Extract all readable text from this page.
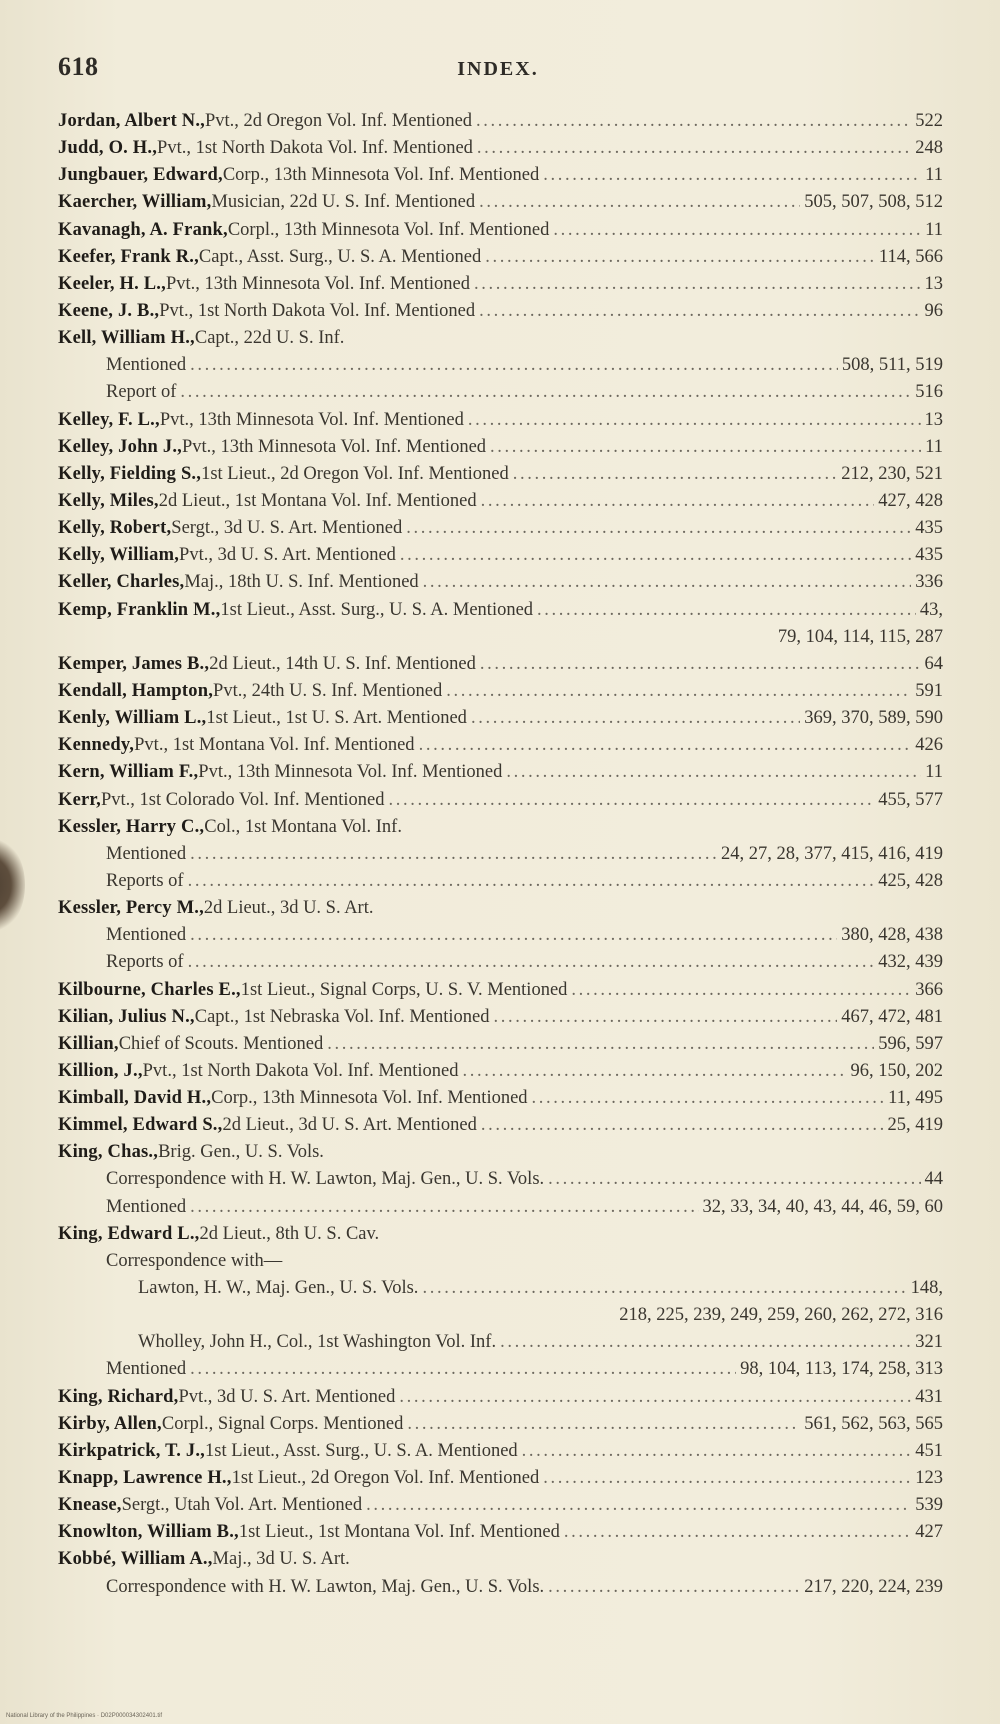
618	INDEX.
Jordan, Albert N., Pvt., 2d Oregon Vol. Inf. Mentioned . . .	522
Judd, O. H., Pvt., 1st North Dakota Vol. Inf. Mentioned . . .	248
Jungbauer, Edward, Corp., 13th Minnesota Vol. Inf. Mentioned . . .	11
Kaercher, William, Musician, 22d U. S. Inf. Mentioned . . .	505, 507, 508, 512
Kavanagh, A. Frank, Corpl., 13th Minnesota Vol. Inf. Mentioned . . .	11
Keefer, Frank R., Capt., Asst. Surg., U. S. A. Mentioned . . .	114, 566
Keeler, H. L., Pvt., 13th Minnesota Vol. Inf. Mentioned . . .	13
Keene, J. B., Pvt., 1st North Dakota Vol. Inf. Mentioned . . .	96
Kell, William H., Capt., 22d U. S. Inf.
Mentioned . . .	508, 511, 519
Report of . . .	516
Kelley, F. L., Pvt., 13th Minnesota Vol. Inf. Mentioned . . .	13
Kelley, John J., Pvt., 13th Minnesota Vol. Inf. Mentioned . . .	11
Kelly, Fielding S., 1st Lieut., 2d Oregon Vol. Inf. Mentioned . . .	212, 230, 521
Kelly, Miles, 2d Lieut., 1st Montana Vol. Inf. Mentioned . . .	427, 428
Kelly, Robert, Sergt., 3d U. S. Art. Mentioned . . .	435
Kelly, William, Pvt., 3d U. S. Art. Mentioned . . .	435
Keller, Charles, Maj., 18th U. S. Inf. Mentioned . . .	336
Kemp, Franklin M., 1st Lieut., Asst. Surg., U. S. A. Mentioned . . .	43,
79, 104, 114, 115, 287
Kemper, James B., 2d Lieut., 14th U. S. Inf. Mentioned . . .	64
Kendall, Hampton, Pvt., 24th U. S. Inf. Mentioned . . .	591
Kenly, William L., 1st Lieut., 1st U. S. Art. Mentioned . . .	369, 370, 589, 590
Kennedy, Pvt., 1st Montana Vol. Inf. Mentioned . . .	426
Kern, William F., Pvt., 13th Minnesota Vol. Inf. Mentioned . . .	11
Kerr, Pvt., 1st Colorado Vol. Inf. Mentioned . . .	455, 577
Kessler, Harry C., Col., 1st Montana Vol. Inf.
Mentioned . . .	24, 27, 28, 377, 415, 416, 419
Reports of . . .	425, 428
Kessler, Percy M., 2d Lieut., 3d U. S. Art.
Mentioned . . .	380, 428, 438
Reports of . . .	432, 439
Kilbourne, Charles E., 1st Lieut., Signal Corps, U. S. V. Mentioned . . .	366
Kilian, Julius N., Capt., 1st Nebraska Vol. Inf. Mentioned . . .	467, 472, 481
Killian, Chief of Scouts. Mentioned . . .	596, 597
Killion, J., Pvt., 1st North Dakota Vol. Inf. Mentioned . . .	96, 150, 202
Kimball, David H., Corp., 13th Minnesota Vol. Inf. Mentioned . . .	11, 495
Kimmel, Edward S., 2d Lieut., 3d U. S. Art. Mentioned . . .	25, 419
King, Chas., Brig. Gen., U. S. Vols.
Correspondence with H. W. Lawton, Maj. Gen., U. S. Vols. . . .	44
Mentioned . . .	32, 33, 34, 40, 43, 44, 46, 59, 60
King, Edward L., 2d Lieut., 8th U. S. Cav.
Correspondence with—
Lawton, H. W., Maj. Gen., U. S. Vols. . . .	148,
218, 225, 239, 249, 259, 260, 262, 272, 316
Wholley, John H., Col., 1st Washington Vol. Inf. . . .	321
Mentioned . . .	98, 104, 113, 174, 258, 313
King, Richard, Pvt., 3d U. S. Art. Mentioned . . .	431
Kirby, Allen, Corpl., Signal Corps. Mentioned . . .	561, 562, 563, 565
Kirkpatrick, T. J., 1st Lieut., Asst. Surg., U. S. A. Mentioned . . .	451
Knapp, Lawrence H., 1st Lieut., 2d Oregon Vol. Inf. Mentioned . . .	123
Knease, Sergt., Utah Vol. Art. Mentioned . . .	539
Knowlton, William B., 1st Lieut., 1st Montana Vol. Inf. Mentioned . . .	427
Kobbé, William A., Maj., 3d U. S. Art.
Correspondence with H. W. Lawton, Maj. Gen., U. S. Vols. . . .	217, 220, 224, 239
National Library of the Philippines · D02P000034302401.tif
